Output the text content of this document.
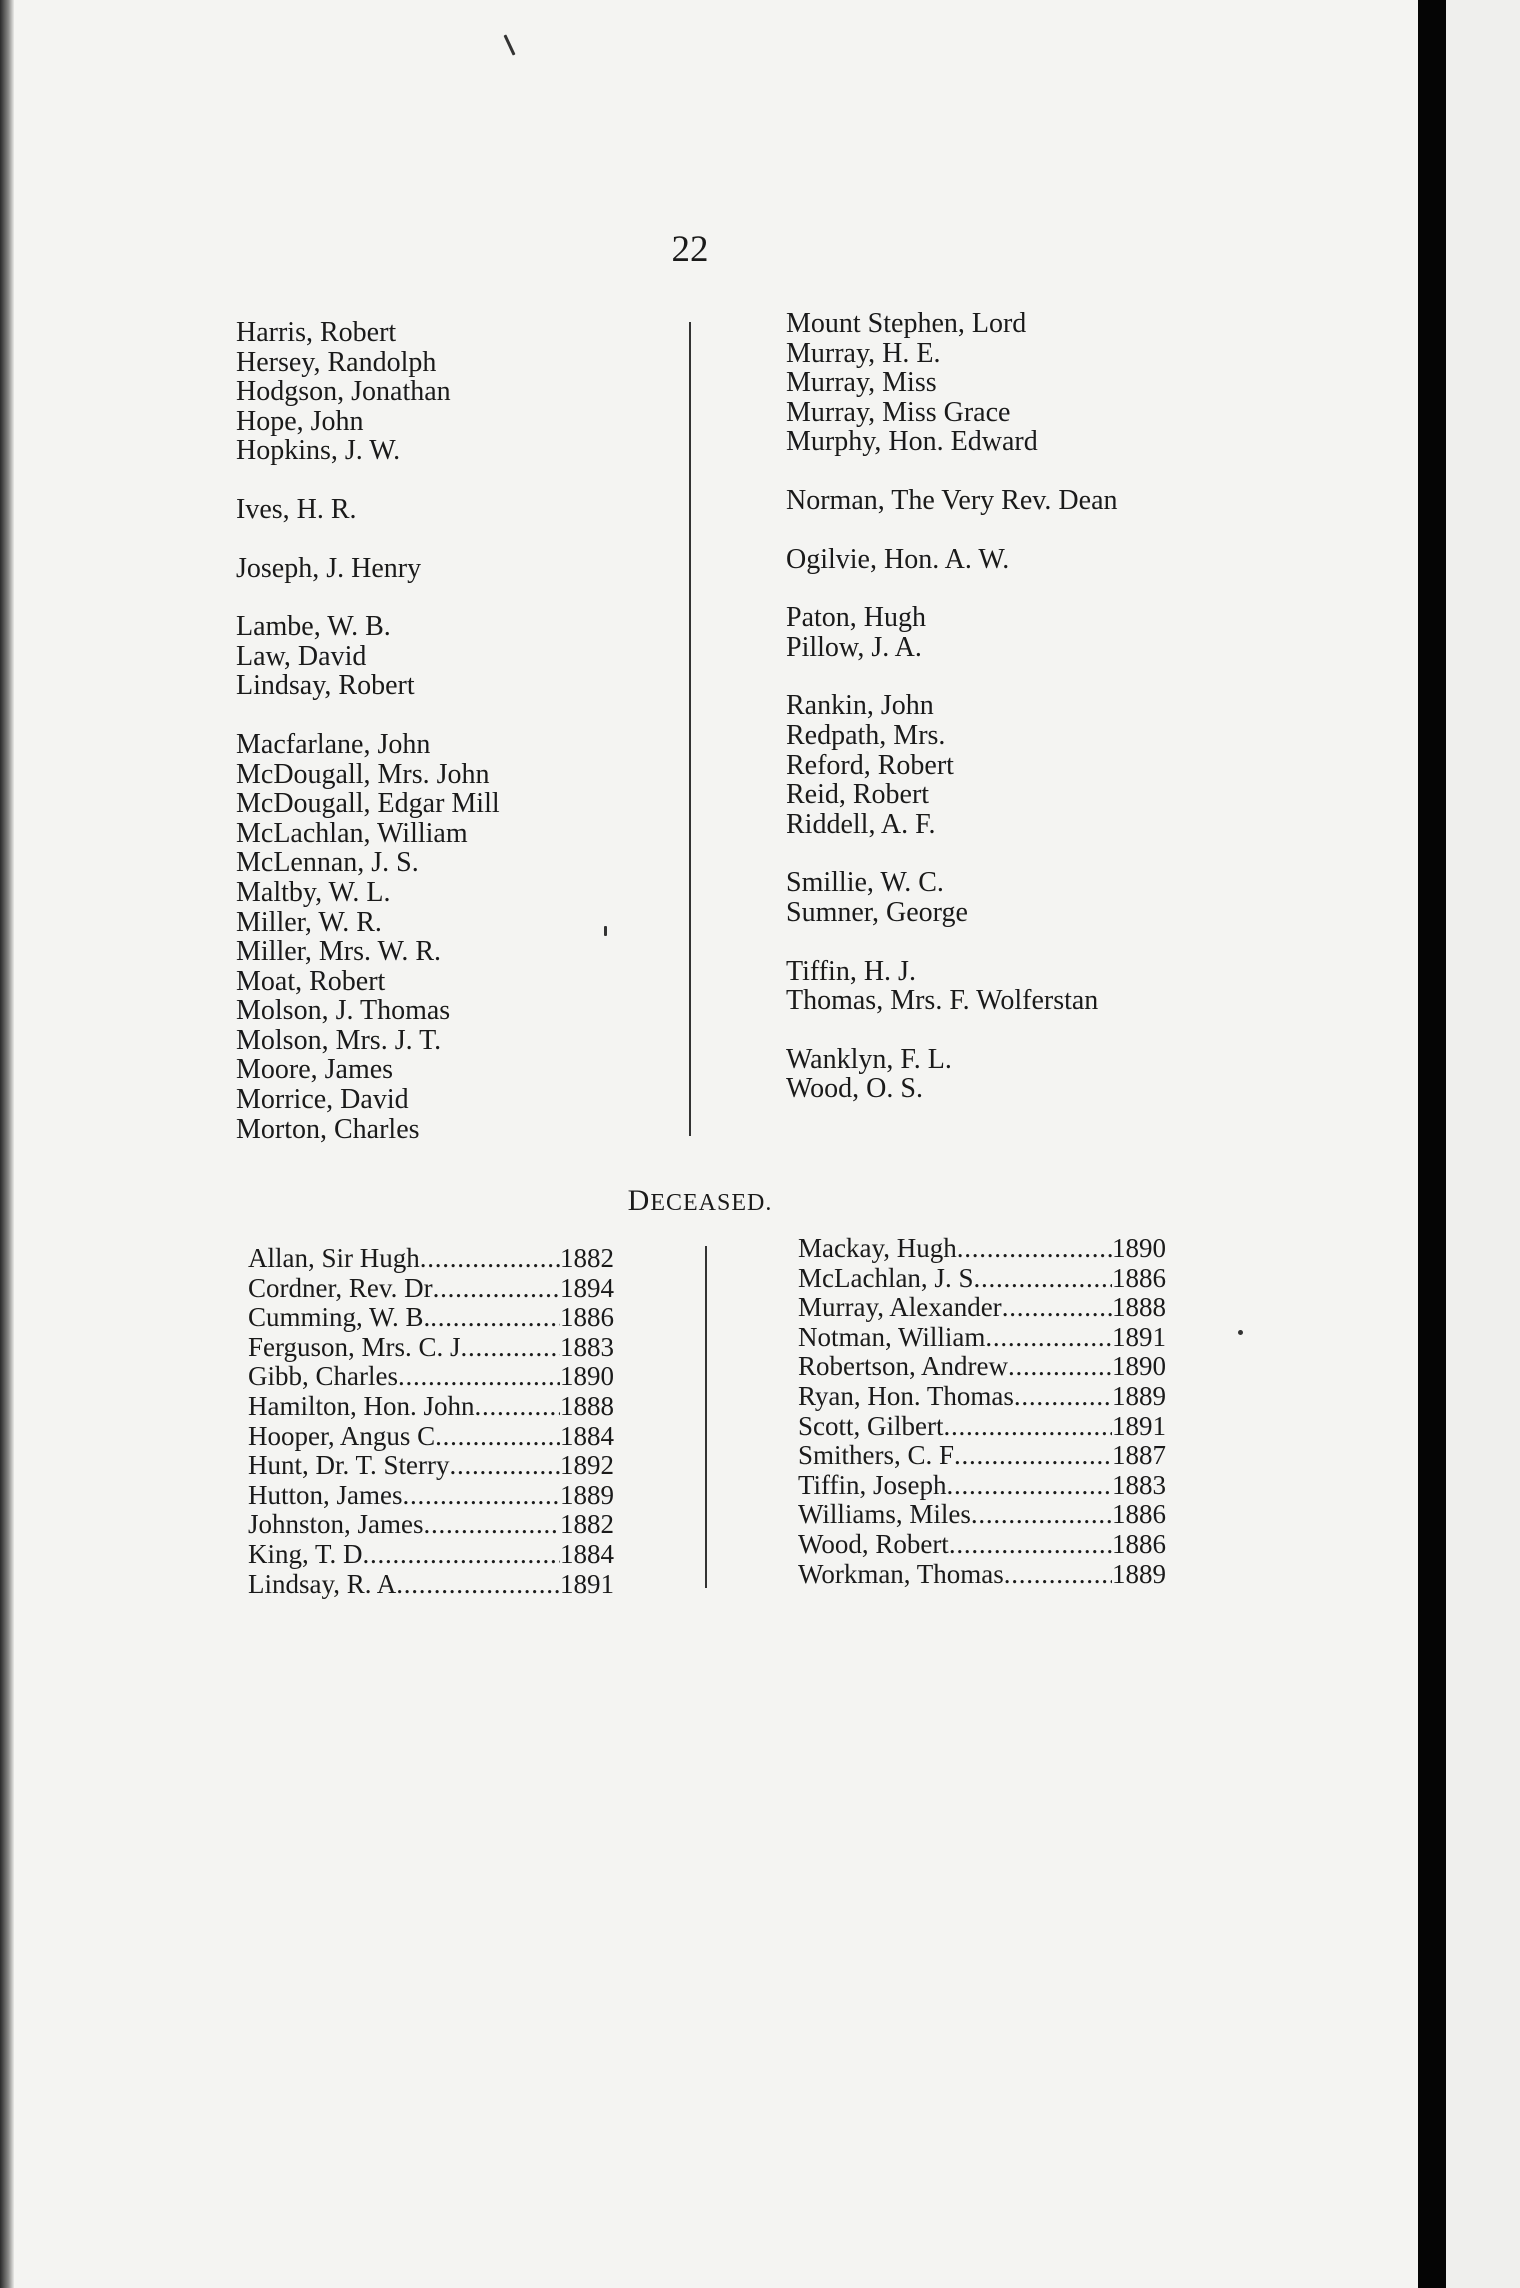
22
Harris, Robert
Hersey, Randolph
Hodgson, Jonathan
Hope, John
Hopkins, J. W.
Ives, H. R.
Joseph, J. Henry
Lambe, W. B.
Law, David
Lindsay, Robert
Macfarlane, John
McDougall, Mrs. John
McDougall, Edgar Mill
McLachlan, William
McLennan, J. S.
Maltby, W. L.
Miller, W. R.
Miller, Mrs. W. R.
Moat, Robert
Molson, J. Thomas
Molson, Mrs. J. T.
Moore, James
Morrice, David
Morton, Charles
Mount Stephen, Lord
Murray, H. E.
Murray, Miss
Murray, Miss Grace
Murphy, Hon. Edward
Norman, The Very Rev. Dean
Ogilvie, Hon. A. W.
Paton, Hugh
Pillow, J. A.
Rankin, John
Redpath, Mrs.
Reford, Robert
Reid, Robert
Riddell, A. F.
Smillie, W. C.
Sumner, George
Tiffin, H. J.
Thomas, Mrs. F. Wolferstan
Wanklyn, F. L.
Wood, O. S.
DECEASED.
Allan, Sir Hugh . . .	1882
Cordner, Rev. Dr . . .	1894
Cumming, W. B. . . .	1886
Ferguson, Mrs. C. J . . .	1883
Gibb, Charles . . .	1890
Hamilton, Hon. John . . .	1888
Hooper, Angus C . . .	1884
Hunt, Dr. T. Sterry . . .	1892
Hutton, James . . .	1889
Johnston, James . . .	1882
King, T. D . . .	1884
Lindsay, R. A . . .	1891
Mackay, Hugh . . .	1890
McLachlan, J. S . . .	1886
Murray, Alexander . . .	1888
Notman, William . . .	1891
Robertson, Andrew . . .	1890
Ryan, Hon. Thomas . . .	1889
Scott, Gilbert . . .	1891
Smithers, C. F . . .	1887
Tiffin, Joseph . . .	1883
Williams, Miles . . .	1886
Wood, Robert . . .	1886
Workman, Thomas . . .	1889
